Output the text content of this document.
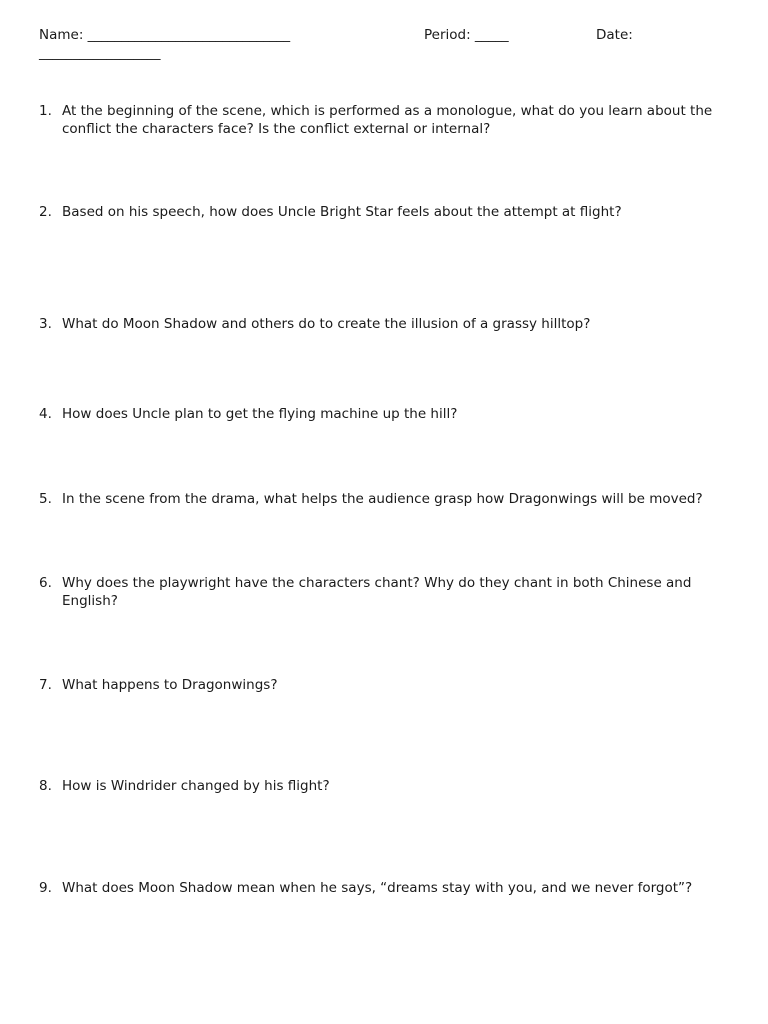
Name: ______________________________	Period: _____	Date:
__________________
1. At the beginning of the scene, which is performed as a monologue, what do you learn about the conflict the characters face? Is the conflict external or internal?
2. Based on his speech, how does Uncle Bright Star feels about the attempt at flight?
3. What do Moon Shadow and others do to create the illusion of a grassy hilltop?
4. How does Uncle plan to get the flying machine up the hill?
5. In the scene from the drama, what helps the audience grasp how Dragonwings will be moved?
6. Why does the playwright have the characters chant? Why do they chant in both Chinese and English?
7. What happens to Dragonwings?
8. How is Windrider changed by his flight?
9. What does Moon Shadow mean when he says, “dreams stay with you, and we never forgot”?
